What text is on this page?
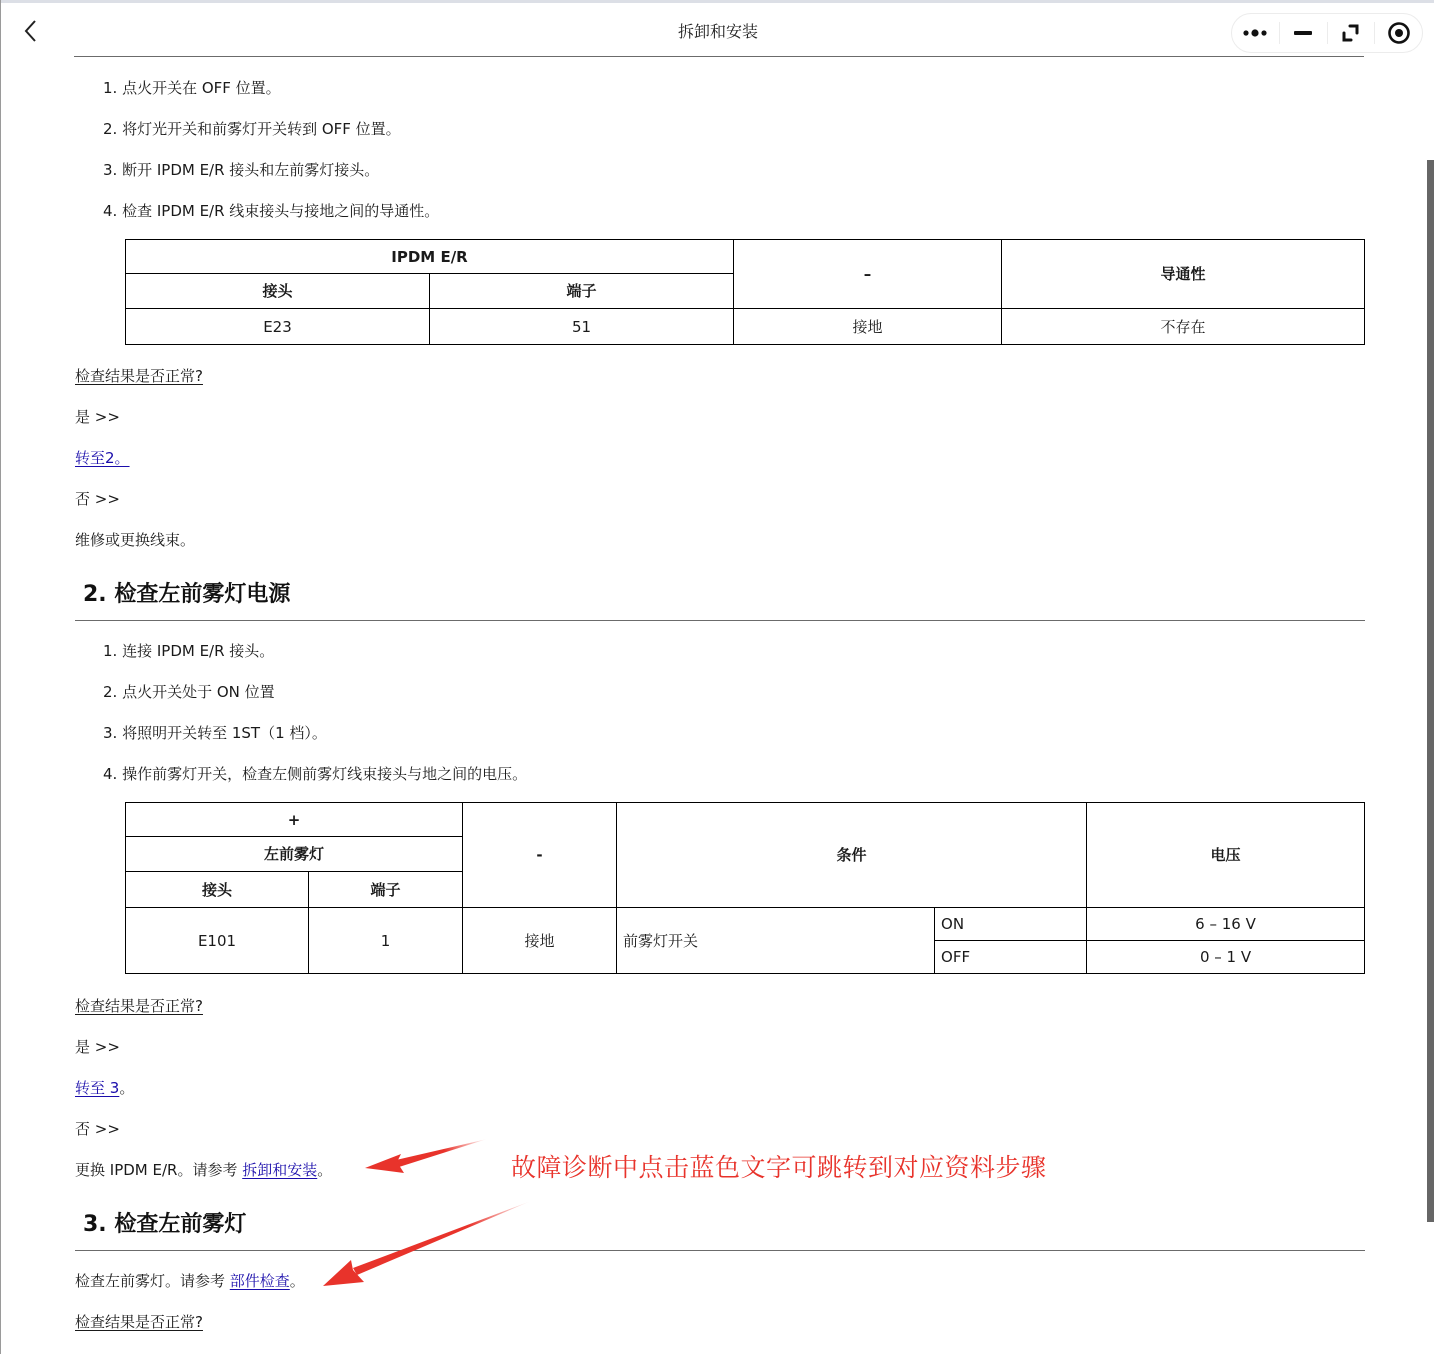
拆卸和安装
1. 点火开关在 OFF 位置。
2. 将灯光开关和前雾灯开关转到 OFF 位置。
3. 断开 IPDM E/R 接头和左前雾灯接头。
4. 检查 IPDM E/R 线束接头与接地之间的导通性。
IPDM E/R		–	导通性
接头	端子		
E23	51	接地	不存在
检查结果是否正常?
是 >>
转至2。
否 >>
维修或更换线束。
2. 检查左前雾灯电源
1. 连接 IPDM E/R 接头。
2. 点火开关处于 ON 位置
3. 将照明开关转至 1ST（1 档）。
4. 操作前雾灯开关，检查左侧前雾灯线束接头与地之间的电压。
+		-	条件		电压
左前雾灯					
接头	端子				
E101	1	接地	前雾灯开关	ON	6 – 16 V
				OFF	0 – 1 V
检查结果是否正常?
是 >>
转至 3。
否 >>
更换 IPDM E/R。请参考 拆卸和安装。
3. 检查左前雾灯
检查左前雾灯。请参考 部件检查。
检查结果是否正常?
故障诊断中点击蓝色文字可跳转到对应资料步骤
